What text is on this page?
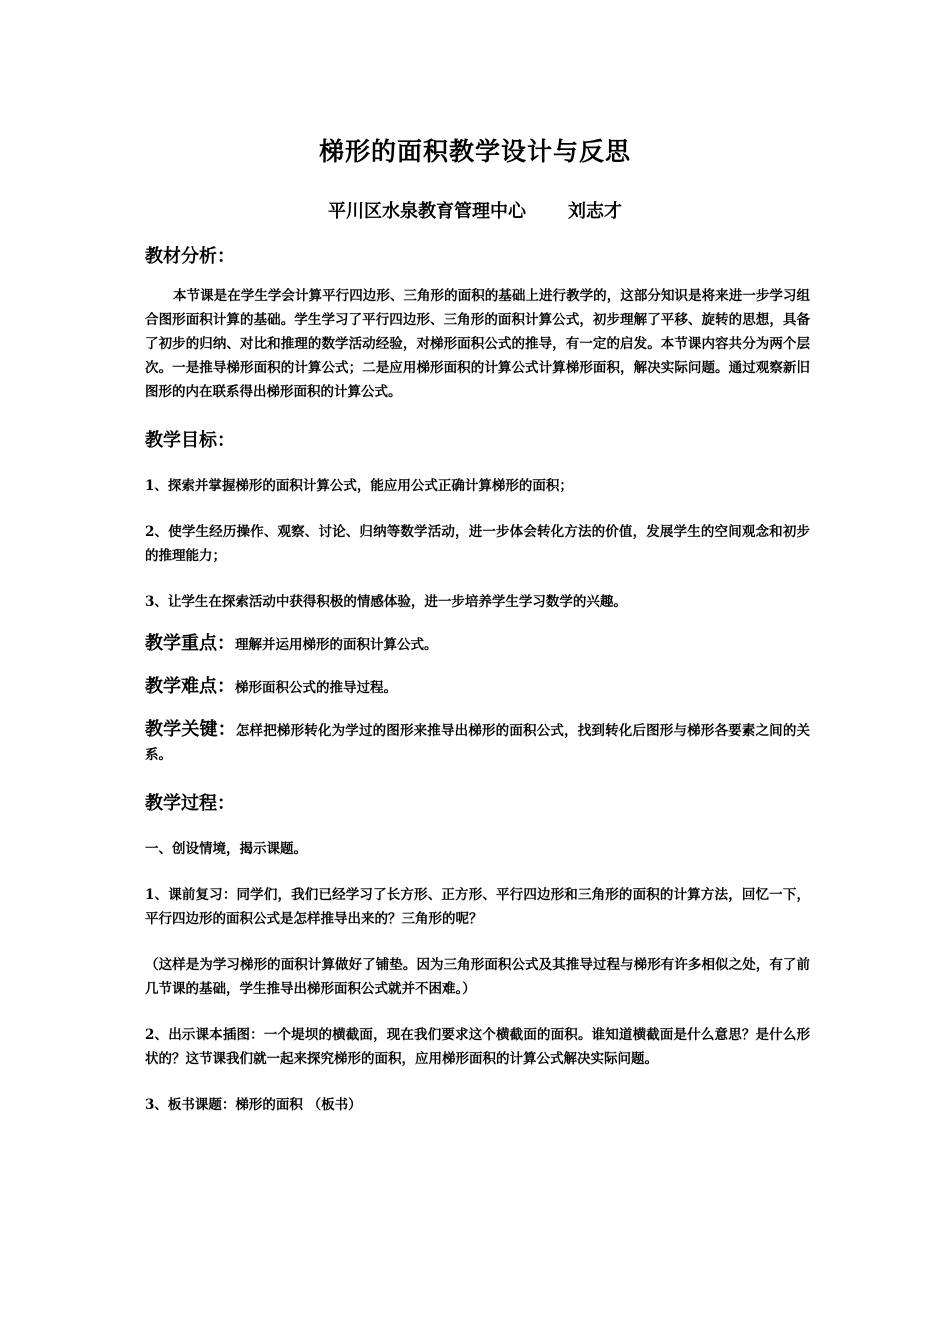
梯形的面积教学设计与反思
平川区水泉教育管理中心 刘志才

教材分析：

本节课是在学生学会计算平行四边形、三角形的面积的基础上进行教学的，这部分知识是将来进一步学习组合图形面积计算的基础。学生学习了平行四边形、三角形的面积计算公式，初步理解了平移、旋转的思想，具备了初步的归纳、对比和推理的数学活动经验，对梯形面积公式的推导，有一定的启发。本节课内容共分为两个层次。一是推导梯形面积的计算公式；二是应用梯形面积的计算公式计算梯形面积，解决实际问题。通过观察新旧图形的内在联系得出梯形面积的计算公式。

教学目标：

1、探索并掌握梯形的面积计算公式，能应用公式正确计算梯形的面积；

2、使学生经历操作、观察、讨论、归纳等数学活动，进一步体会转化方法的价值，发展学生的空间观念和初步的推理能力；

3、让学生在探索活动中获得积极的情感体验，进一步培养学生学习数学的兴趣。

教学重点：理解并运用梯形的面积计算公式。

教学难点：梯形面积公式的推导过程。

教学关键：怎样把梯形转化为学过的图形来推导出梯形的面积公式，找到转化后图形与梯形各要素之间的关系。

教学过程：

一、创设情境，揭示课题。

1、课前复习：同学们，我们已经学习了长方形、正方形、平行四边形和三角形的面积的计算方法，回忆一下，平行四边形的面积公式是怎样推导出来的？三角形的呢？

（这样是为学习梯形的面积计算做好了铺垫。因为三角形面积公式及其推导过程与梯形有许多相似之处，有了前几节课的基础，学生推导出梯形面积公式就并不困难。）

2、出示课本插图：一个堤坝的横截面，现在我们要求这个横截面的面积。谁知道横截面是什么意思？是什么形状的？这节课我们就一起来探究梯形的面积，应用梯形面积的计算公式解决实际问题。

3、板书课题：梯形的面积 （板书）
